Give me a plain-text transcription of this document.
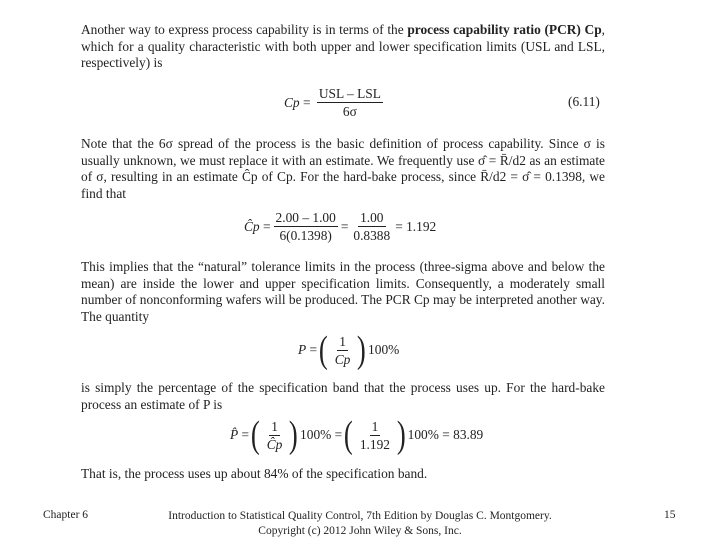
Another way to express process capability is in terms of the process capability ratio (PCR) Cp, which for a quality characteristic with both upper and lower specification limits (USL and LSL, respectively) is

$Cp = \frac{\text{USL – LSL}}{6\sigma}$	(6.11)

Note that the 6σ spread of the process is the basic definition of process capability. Since σ is usually unknown, we must replace it with an estimate. We frequently use σ̂ = R̄/d2 as an estimate of σ, resulting in an estimate Ĉp of Cp. For the hard-bake process, since R̄/d2 = σ̂ = 0.1398, we find that

Ĉp = $\frac{2.00 - 1.00}{6(0.1398)} = \frac{1.00}{0.8388} = 1.192$

This implies that the “natural” tolerance limits in the process (three-sigma above and below the mean) are inside the lower and upper specification limits. Consequently, a moderately small number of nonconforming wafers will be produced. The PCR Cp may be interpreted another way. The quantity

P = ( $\frac{1}{Cp}$ ) 100%

is simply the percentage of the specification band that the process uses up. For the hard-bake process an estimate of P is

P̂ = ( $\frac{1}{Ĉp}$ ) 100% = ( $\frac{1}{1.192}$ ) 100% = 83.89

That is, the process uses up about 84% of the specification band.

Chapter 6	Introduction to Statistical Quality Control, 7th Edition by Douglas C. Montgomery.
Copyright (c) 2012 John Wiley & Sons, Inc.
15
